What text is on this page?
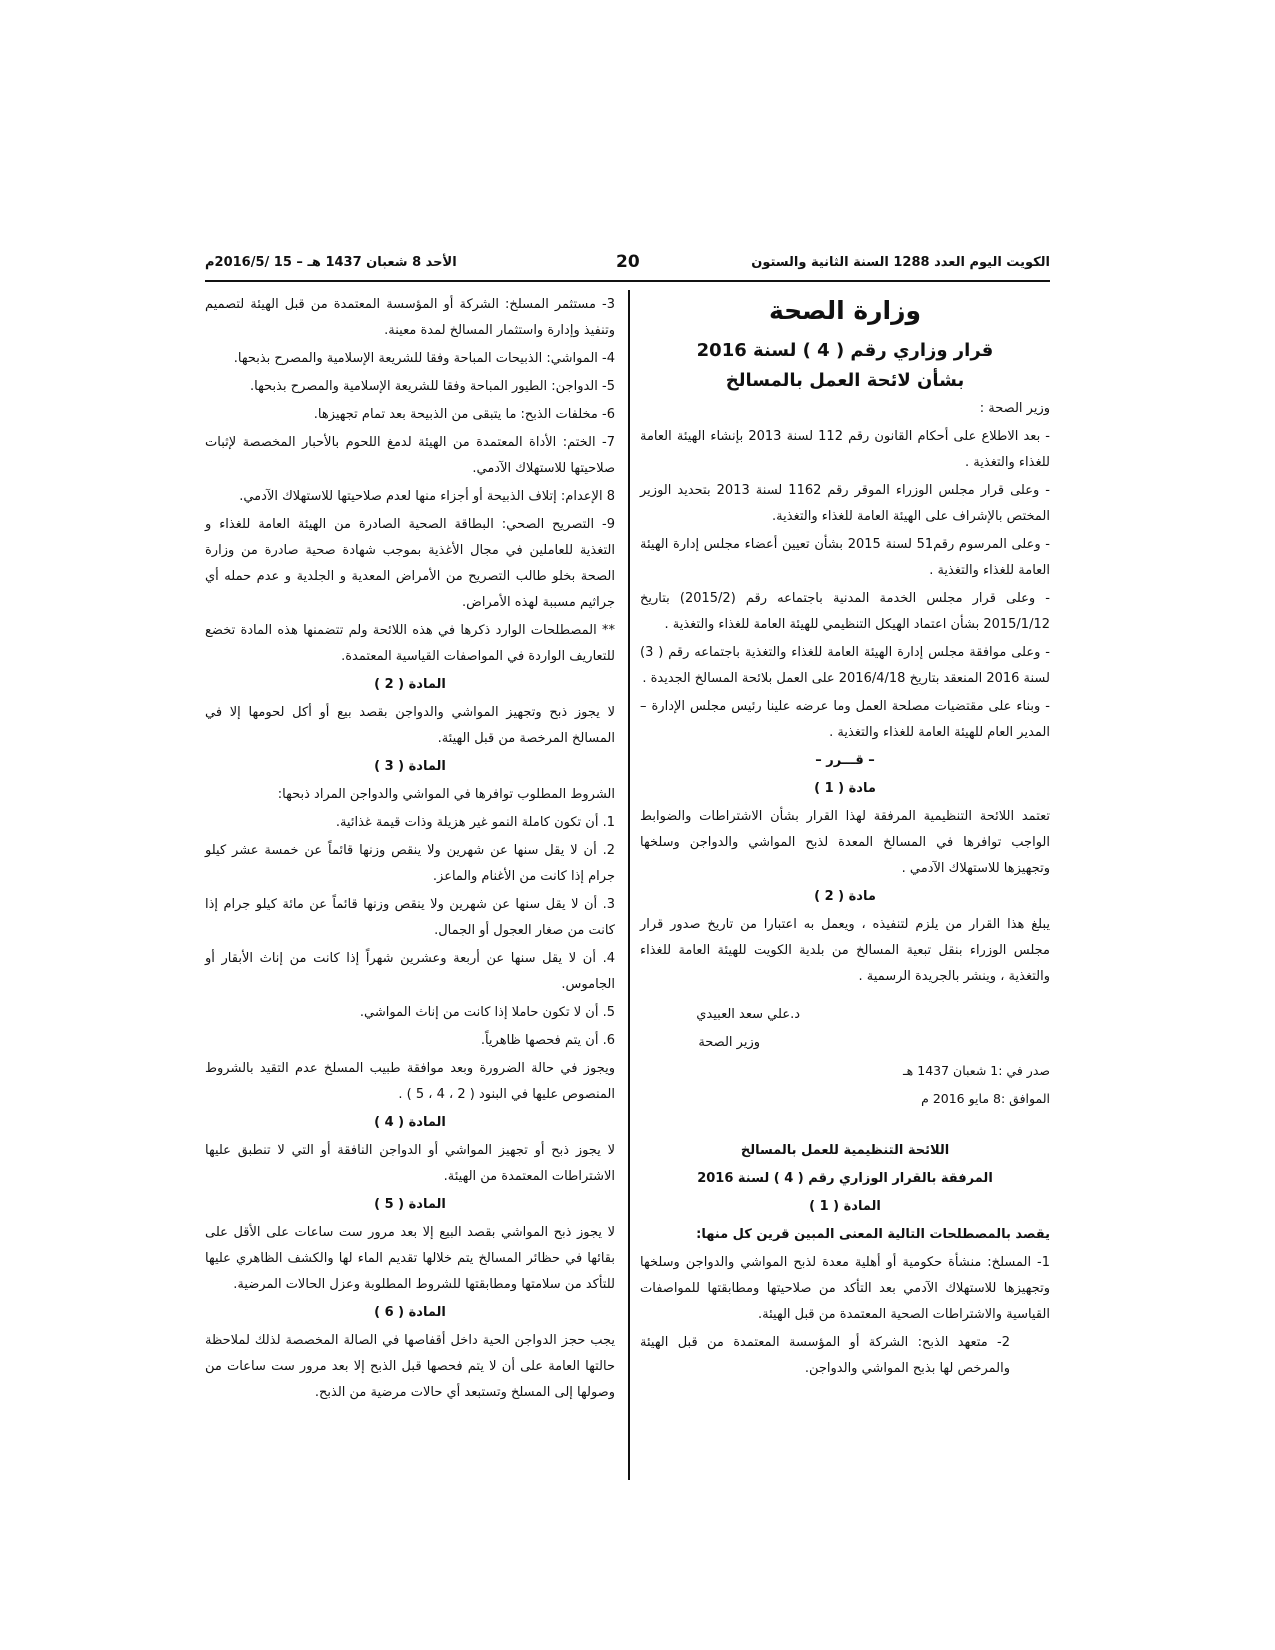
الكويت اليوم العدد 1288 السنة الثانية والستون
20
الأحد 8 شعبان 1437 هـ – 15 /2016/5م
وزارة الصحة
قرار وزاري رقم ( 4 ) لسنة 2016
بشأن لائحة العمل بالمسالخ

وزير الصحة :

- بعد الاطلاع على أحكام القانون رقم 112 لسنة 2013 بإنشاء الهيئة العامة للغذاء والتغذية .

- وعلى قرار مجلس الوزراء الموقر رقم 1162 لسنة 2013 بتحديد الوزير المختص بالإشراف على الهيئة العامة للغذاء والتغذية.

- وعلى المرسوم رقم51 لسنة 2015 بشأن تعيين أعضاء مجلس إدارة الهيئة العامة للغذاء والتغذية .

- وعلى قرار مجلس الخدمة المدنية باجتماعه رقم (2015/2) بتاريخ 2015/1/12 بشأن اعتماد الهيكل التنظيمي للهيئة العامة للغذاء والتغذية .

- وعلى موافقة مجلس إدارة الهيئة العامة للغذاء والتغذية باجتماعه رقم ( 3) لسنة 2016 المنعقد بتاريخ 2016/4/18 على العمل بلائحة المسالخ الجديدة .

- وبناء على مقتضيات مصلحة العمل وما عرضه علينا رئيس مجلس الإدارة – المدير العام للهيئة العامة للغذاء والتغذية .

– قـــرر –

مادة ( 1 )

تعتمد اللائحة التنظيمية المرفقة لهذا القرار بشأن الاشتراطات والضوابط الواجب توافرها في المسالخ المعدة لذبح المواشي والدواجن وسلخها وتجهيزها للاستهلاك الآدمي .

مادة ( 2 )

يبلغ هذا القرار من يلزم لتنفيذه ، ويعمل به اعتبارا من تاريخ صدور قرار مجلس الوزراء بنقل تبعية المسالخ من بلدية الكويت للهيئة العامة للغذاء والتغذية ، وينشر بالجريدة الرسمية .

د.علي سعد العبيدي

وزير الصحة

صدر في :1 شعبان 1437 هـ

الموافق :8 مايو 2016 م

اللائحة التنظيمية للعمل بالمسالخ

المرفقة بالقرار الوزاري رقم ( 4 ) لسنة 2016

المادة ( 1 )

يقصد بالمصطلحات التالية المعنى المبين قرين كل منها:

1- المسلخ: منشأة حكومية أو أهلية معدة لذبح المواشي والدواجن وسلخها وتجهيزها للاستهلاك الآدمي بعد التأكد من صلاحيتها ومطابقتها للمواصفات القياسية والاشتراطات الصحية المعتمدة من قبل الهيئة.

2- متعهد الذبح: الشركة أو المؤسسة المعتمدة من قبل الهيئة والمرخص لها بذبح المواشي والدواجن.

3- مستثمر المسلخ: الشركة أو المؤسسة المعتمدة من قبل الهيئة لتصميم وتنفيذ وإدارة واستثمار المسالخ لمدة معينة.

4- المواشي: الذبيحات المباحة وفقا للشريعة الإسلامية والمصرح بذبحها.

5- الدواجن: الطيور المباحة وفقا للشريعة الإسلامية والمصرح بذبحها.

6- مخلفات الذبح: ما يتبقى من الذبيحة بعد تمام تجهيزها.

7- الختم: الأداة المعتمدة من الهيئة لدمغ اللحوم بالأحبار المخصصة لإثبات صلاحيتها للاستهلاك الآدمي.

8 الإعدام: إتلاف الذبيحة أو أجزاء منها لعدم صلاحيتها للاستهلاك الآدمي.

9- التصريح الصحي: البطاقة الصحية الصادرة من الهيئة العامة للغذاء و التغذية للعاملين في مجال الأغذية بموجب شهادة صحية صادرة من وزارة الصحة بخلو طالب التصريح من الأمراض المعدية و الجلدية و عدم حمله أي جراثيم مسببة لهذه الأمراض.

** المصطلحات الوارد ذكرها في هذه اللائحة ولم تتضمنها هذه المادة تخضع للتعاريف الواردة في المواصفات القياسية المعتمدة.

المادة ( 2 )

لا يجوز ذبح وتجهيز المواشي والدواجن بقصد بيع أو أكل لحومها إلا في المسالخ المرخصة من قبل الهيئة.

المادة ( 3 )

الشروط المطلوب توافرها في المواشي والدواجن المراد ذبحها:

1. أن تكون كاملة النمو غير هزيلة وذات قيمة غذائية.

2. أن لا يقل سنها عن شهرين ولا ينقص وزنها قائماً عن خمسة عشر كيلو جرام إذا كانت من الأغنام والماعز.

3. أن لا يقل سنها عن شهرين ولا ينقص وزنها قائماً عن مائة كيلو جرام إذا كانت من صغار العجول أو الجمال.

4. أن لا يقل سنها عن أربعة وعشرين شهراً إذا كانت من إناث الأبقار أو الجاموس.

5. أن لا تكون حاملا إذا كانت من إناث المواشي.

6. أن يتم فحصها ظاهرياً.

ويجوز في حالة الضرورة وبعد موافقة طبيب المسلخ عدم التقيد بالشروط المنصوص عليها في البنود ( 2 ، 4 ، 5 ) .

المادة ( 4 )

لا يجوز ذبح أو تجهيز المواشي أو الدواجن النافقة أو التي لا تنطبق عليها الاشتراطات المعتمدة من الهيئة.

المادة ( 5 )

لا يجوز ذبح المواشي بقصد البيع إلا بعد مرور ست ساعات على الأقل على بقائها في حظائر المسالخ يتم خلالها تقديم الماء لها والكشف الظاهري عليها للتأكد من سلامتها ومطابقتها للشروط المطلوبة وعزل الحالات المرضية.

المادة ( 6 )

يجب حجز الدواجن الحية داخل أقفاصها في الصالة المخصصة لذلك لملاحظة حالتها العامة على أن لا يتم فحصها قبل الذبح إلا بعد مرور ست ساعات من وصولها إلى المسلخ وتستبعد أي حالات مرضية من الذبح.
